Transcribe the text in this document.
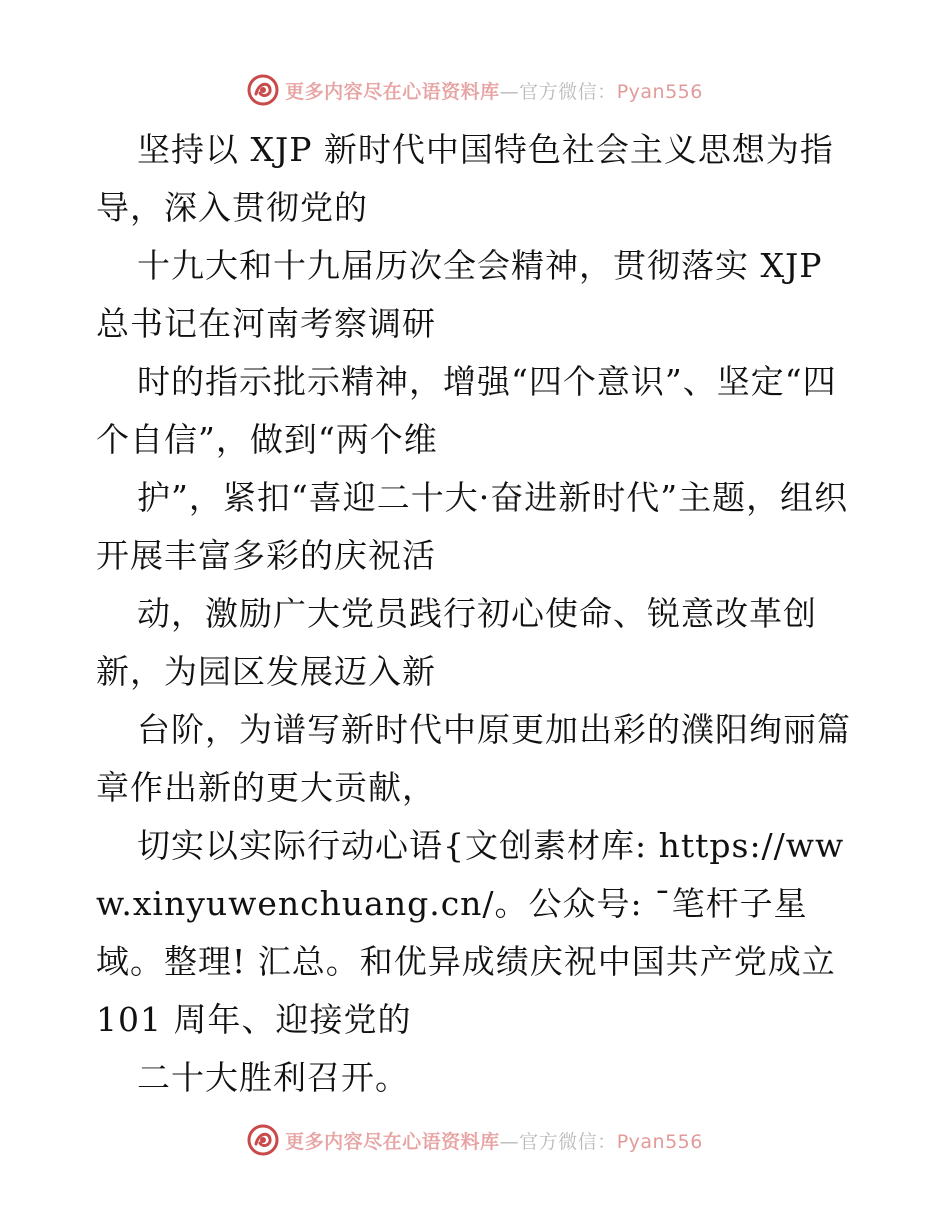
更多内容尽在心语资料库—官方微信：Pyan556

坚持以 XJP 新时代中国特色社会主义思想为指导，深入贯彻党的

十九大和十九届历次全会精神，贯彻落实 XJP 总书记在河南考察调研

时的指示批示精神，增强“四个意识”、坚定“四个自信”，做到“两个维

护”，紧扣“喜迎二十大·奋进新时代”主题，组织开展丰富多彩的庆祝活

动，激励广大党员践行初心使命、锐意改革创新，为园区发展迈入新

台阶，为谱写新时代中原更加出彩的濮阳绚丽篇章作出新的更大贡献，

切实以实际行动心语{文创素材库: https://www.xinyuwenchuang.cn/。公众号: ¯笔杆子星域。整理! 汇总。和优异成绩庆祝中国共产党成立 101 周年、迎接党的

二十大胜利召开。

更多内容尽在心语资料库—官方微信：Pyan556
